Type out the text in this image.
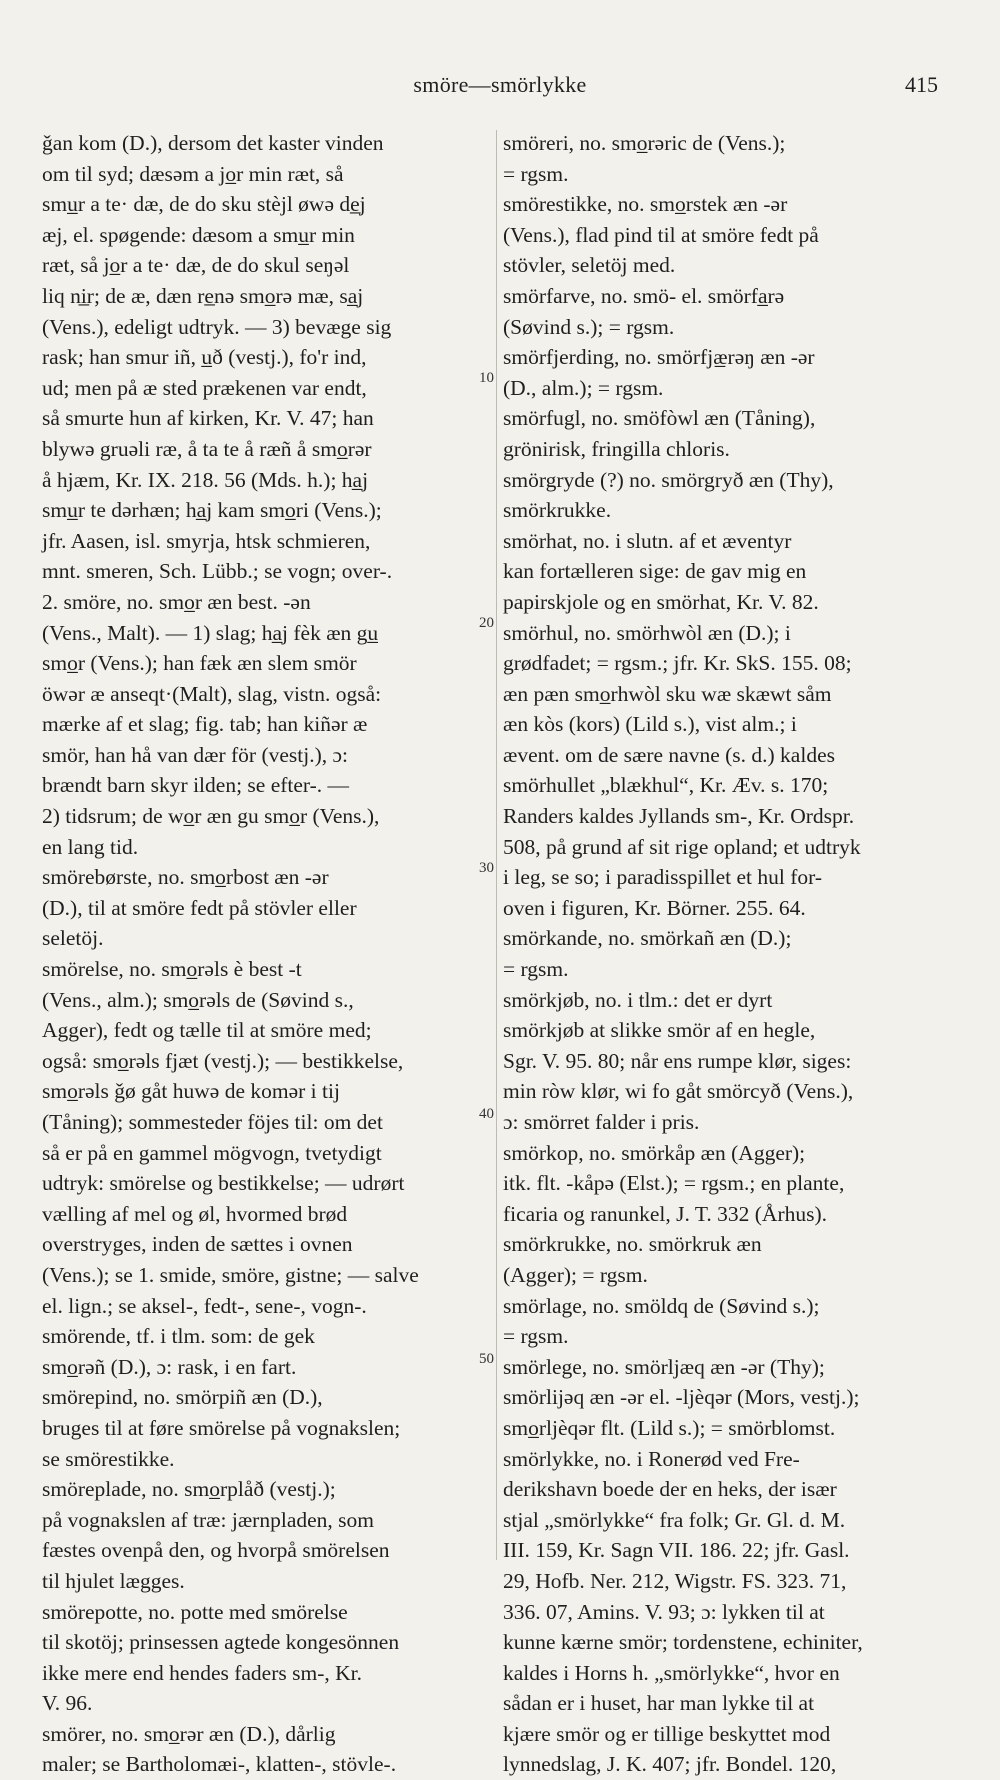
smöre—smörlykke	415
10
20
30
40
50
ǧan kom (D.), dersom det kaster vinden
om til syd; dæsəm a jo̲r min ræt, så
smu̲r a te· dæ, de do sku stèjl øwə de̲j
æj, el. spøgende: dæsom a smu̲r min
ræt, så jo̲r a te· dæ, de do skul seŋəl
liq ni̲r; de æ, dæn re̲nə smo̲rə mæ, sa̲j
(Vens.), edeligt udtryk. — 3) bevæge sig
rask; han smur iñ, u̲ð (vestj.), fo'r ind,
ud; men på æ sted prækenen var endt,
så smurte hun af kirken, Kr. V. 47; han
blywə gruəli ræ, å ta te å ræñ å smo̲rər
å hjæm, Kr. IX. 218. 56 (Mds. h.); ha̲j
smu̲r te dərhæn; ha̲j kam smo̲ri (Vens.);
jfr. Aasen, isl. smyrja, htsk schmieren,
mnt. smeren, Sch. Lübb.; se vogn; over-.
2. smöre, no. smo̲r æn best. -ən
(Vens., Malt). — 1) slag; ha̲j fèk æn gu̲
smo̲r (Vens.); han fæk æn slem smör
öwər æ anseqt·(Malt), slag, vistn. også:
mærke af et slag; fig. tab; han kiñər æ
smör, han hå van dær för (vestj.), ɔ:
brændt barn skyr ilden; se efter-. —
2) tidsrum; de wo̲r æn gu smo̲r (Vens.),
en lang tid.
smörebørste, no. smo̲rbost æn -ər
(D.), til at smöre fedt på stövler eller
seletöj.
smörelse, no. smo̲rəls è best -t
(Vens., alm.); smo̲rəls de (Søvind s.,
Agger), fedt og tælle til at smöre med;
også: smo̲rəls fjæt (vestj.); — bestikkelse,
smo̲rəls ǧø gåt huwə de komər i tij
(Tåning); sommesteder föjes til: om det
så er på en gammel mögvogn, tvetydigt
udtryk: smörelse og bestikkelse; — udrørt
vælling af mel og øl, hvormed brød
overstryges, inden de sættes i ovnen
(Vens.); se 1. smide, smöre, gistne; — salve
el. lign.; se aksel-, fedt-, sene-, vogn-.
smörende, tf. i tlm. som: de gek
smo̲rəñ (D.), ɔ: rask, i en fart.
smörepind, no. smörpiñ æn (D.),
bruges til at føre smörelse på vognakslen;
se smörestikke.
smöreplade, no. smo̲rplåð (vestj.);
på vognakslen af træ: jærnpladen, som
fæstes ovenpå den, og hvorpå smörelsen
til hjulet lægges.
smörepotte, no. potte med smörelse
til skotöj; prinsessen agtede kongesönnen
ikke mere end hendes faders sm-, Kr.
V. 96.
smörer, no. smo̲rər æn (D.), dårlig
maler; se Bartholomæi-, klatten-, stövle-.
smöreri, no. smo̲rəric de (Vens.);
= rgsm.
smörestikke, no. smo̲rstek æn -ər
(Vens.), flad pind til at smöre fedt på
stövler, seletöj med.
smörfarve, no. smö- el. smörfa̲rə
(Søvind s.); = rgsm.
smörfjerding, no. smörfjæ̲rəŋ æn -ər
(D., alm.); = rgsm.
smörfugl, no. smöfòwl æn (Tåning),
grönirisk, fringilla chloris.
smörgryde (?) no. smörgryð æn (Thy),
smörkrukke.
smörhat, no. i slutn. af et æventyr
kan fortælleren sige: de gav mig en
papirskjole og en smörhat, Kr. V. 82.
smörhul, no. smörhwòl æn (D.); i
grødfadet; = rgsm.; jfr. Kr. SkS. 155. 08;
æn pæn smo̲rhwòl sku wæ skæwt såm
æn kòs (kors) (Lild s.), vist alm.; i
ævent. om de sære navne (s. d.) kaldes
smörhullet „blækhul“, Kr. Æv. s. 170;
Randers kaldes Jyllands sm-, Kr. Ordspr.
508, på grund af sit rige opland; et udtryk
i leg, se so; i paradisspillet et hul for-
oven i figuren, Kr. Börner. 255. 64.
smörkande, no. smörkañ æn (D.);
= rgsm.
smörkjøb, no. i tlm.: det er dyrt
smörkjøb at slikke smör af en hegle,
Sgr. V. 95. 80; når ens rumpe klør, siges:
min ròw klør, wi fo gåt smörcyð (Vens.),
ɔ: smörret falder i pris.
smörkop, no. smörkåp æn (Agger);
itk. flt. -kåpə (Elst.); = rgsm.; en plante,
ficaria og ranunkel, J. T. 332 (Århus).
smörkrukke, no. smörkruk æn
(Agger); = rgsm.
smörlage, no. smöldq de (Søvind s.);
= rgsm.
smörlege, no. smörljæq æn -ər (Thy);
smörlijəq æn -ər el. -ljèqər (Mors, vestj.);
smo̲rljèqər flt. (Lild s.); = smörblomst.
smörlykke, no. i Ronerød ved Fre-
derikshavn boede der en heks, der især
stjal „smörlykke“ fra folk; Gr. Gl. d. M.
III. 159, Kr. Sagn VII. 186. 22; jfr. Gasl.
29, Hofb. Ner. 212, Wigstr. FS. 323. 71,
336. 07, Amins. V. 93; ɔ: lykken til at
kunne kærne smör; tordenstene, echiniter,
kaldes i Horns h. „smörlykke“, hvor en
sådan er i huset, har man lykke til at
kjære smör og er tillige beskyttet mod
lynnedslag, J. K. 407; jfr. Bondel. 120,
